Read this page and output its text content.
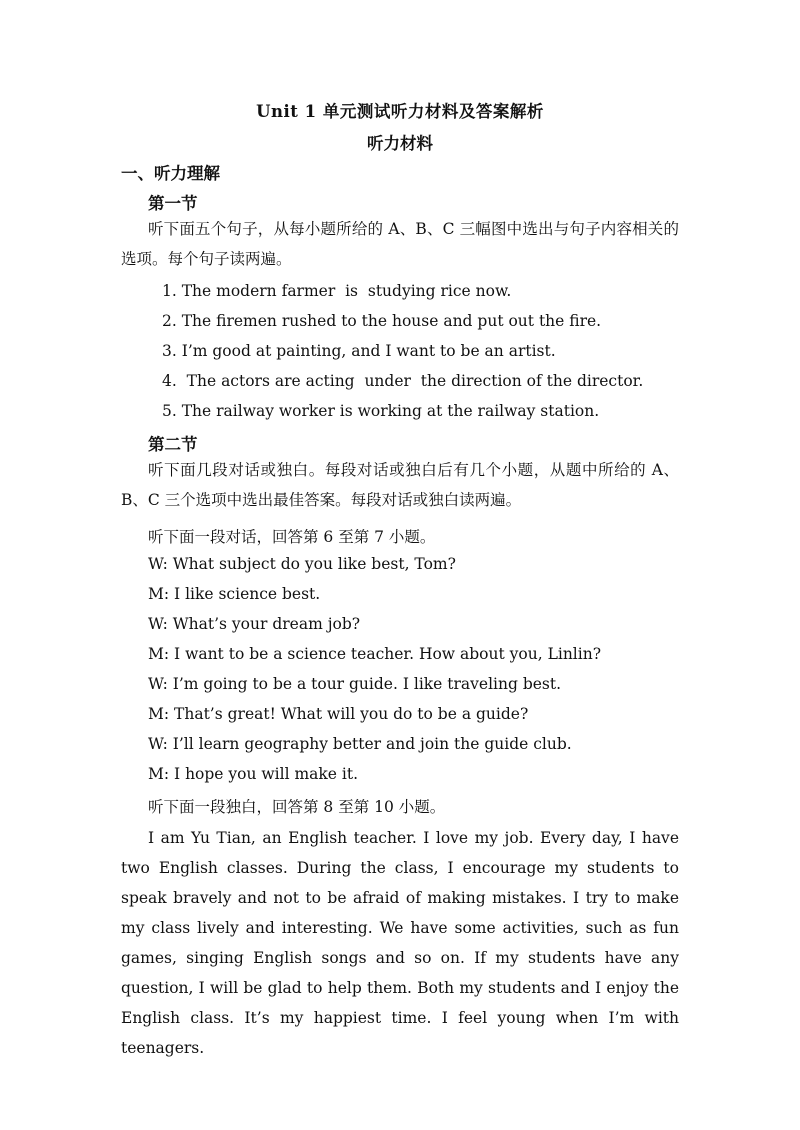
Unit 1 单元测试听力材料及答案解析
听力材料
一、听力理解
第一节
听下面五个句子，从每小题所给的 A、B、C 三幅图中选出与句子内容相关的选项。每个句子读两遍。
1. The modern farmer  is  studying rice now.
2. The firemen rushed to the house and put out the fire.
3. I’m good at painting, and I want to be an artist.
4.  The actors are acting  under  the direction of the director.
5. The railway worker is working at the railway station.
第二节
听下面几段对话或独白。每段对话或独白后有几个小题，从题中所给的 A、B、C 三个选项中选出最佳答案。每段对话或独白读两遍。
听下面一段对话，回答第 6 至第 7 小题。
W: What subject do you like best, Tom?
M: I like science best.
W: What’s your dream job?
M: I want to be a science teacher. How about you, Linlin?
W: I’m going to be a tour guide. I like traveling best.
M: That’s great! What will you do to be a guide?
W: I’ll learn geography better and join the guide club.
M: I hope you will make it.
听下面一段独白，回答第 8 至第 10 小题。
I am Yu Tian, an English teacher. I love my job. Every day, I have two English classes. During the class, I encourage my students to speak bravely and not to be afraid of making mistakes. I try to make my class lively and interesting. We have some activities, such as fun games, singing English songs and so on. If my students have any question, I will be glad to help them. Both my students and I enjoy the English class. It’s my happiest time. I feel young when I’m with teenagers.
